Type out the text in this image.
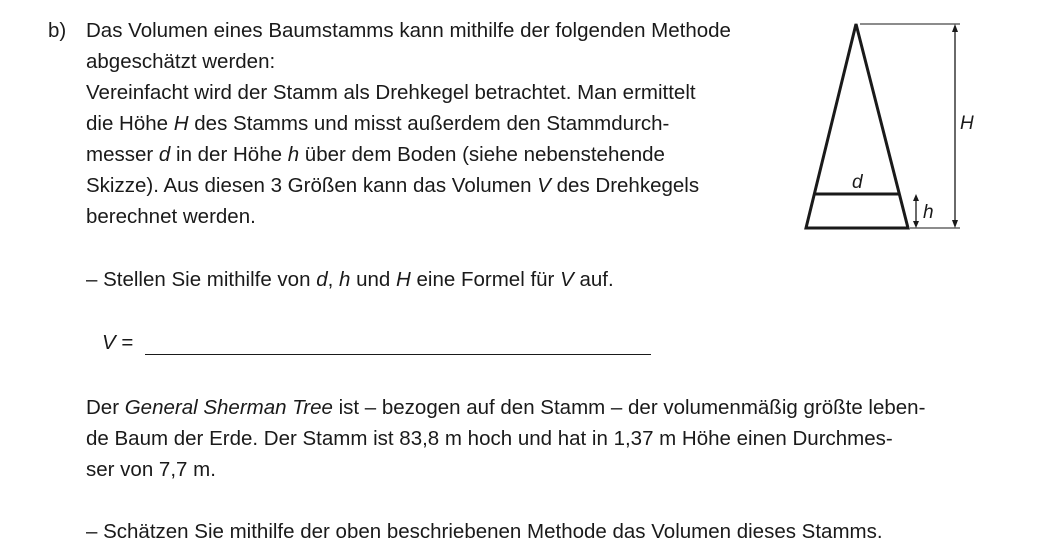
b) Das Volumen eines Baumstamms kann mithilfe der folgenden Methode
abgeschätzt werden:
Vereinfacht wird der Stamm als Drehkegel betrachtet. Man ermittelt
die Höhe H des Stamms und misst außerdem den Stammdurch-
messer d in der Höhe h über dem Boden (siehe nebenstehende
Skizze). Aus diesen 3 Größen kann das Volumen V des Drehkegels
berechnet werden.
– Stellen Sie mithilfe von d, h und H eine Formel für V auf.
V =
Der General Sherman Tree ist – bezogen auf den Stamm – der volumenmäßig größte leben-
de Baum der Erde. Der Stamm ist 83,8 m hoch und hat in 1,37 m Höhe einen Durchmes-
ser von 7,7 m.
– Schätzen Sie mithilfe der oben beschriebenen Methode das Volumen dieses Stamms.
d
h
H
